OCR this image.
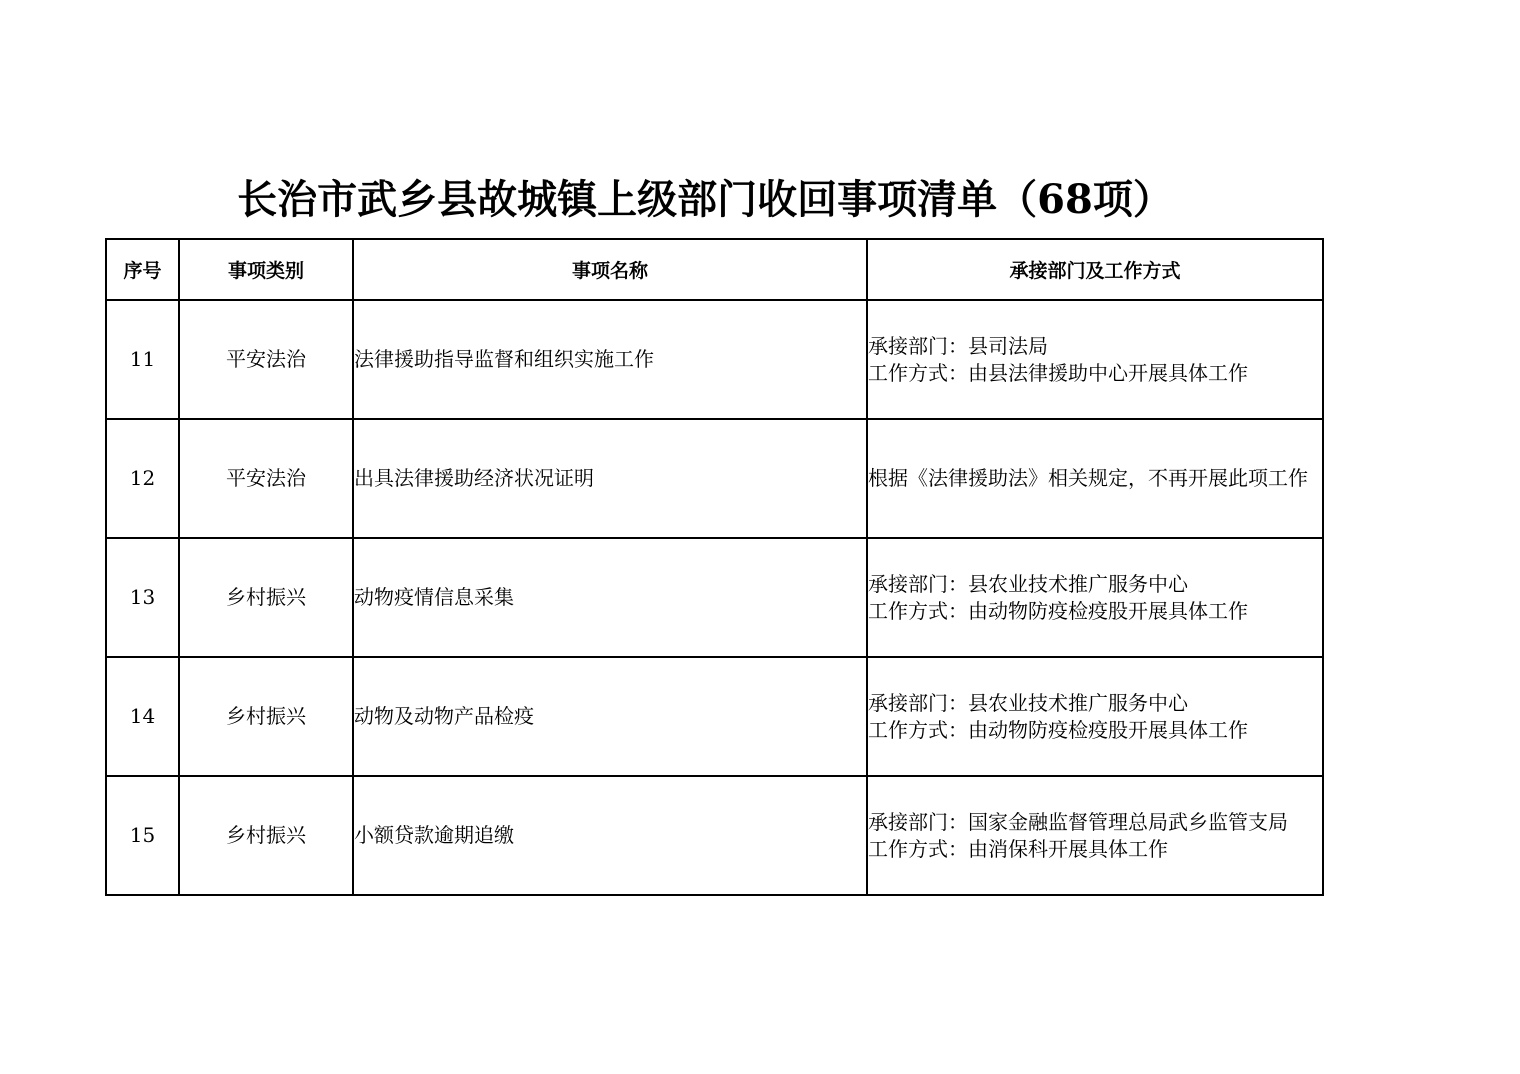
长治市武乡县故城镇上级部门收回事项清单（68项）
序号	事项类别	事项名称	承接部门及工作方式
11	平安法治	法律援助指导监督和组织实施工作	承接部门：县司法局
工作方式：由县法律援助中心开展具体工作

12	平安法治	出具法律援助经济状况证明	根据《法律援助法》相关规定，不再开展此项工作

13	乡村振兴	动物疫情信息采集	承接部门：县农业技术推广服务中心
工作方式：由动物防疫检疫股开展具体工作

14	乡村振兴	动物及动物产品检疫	承接部门：县农业技术推广服务中心
工作方式：由动物防疫检疫股开展具体工作

15	乡村振兴	小额贷款逾期追缴	承接部门：国家金融监督管理总局武乡监管支局
工作方式：由消保科开展具体工作
